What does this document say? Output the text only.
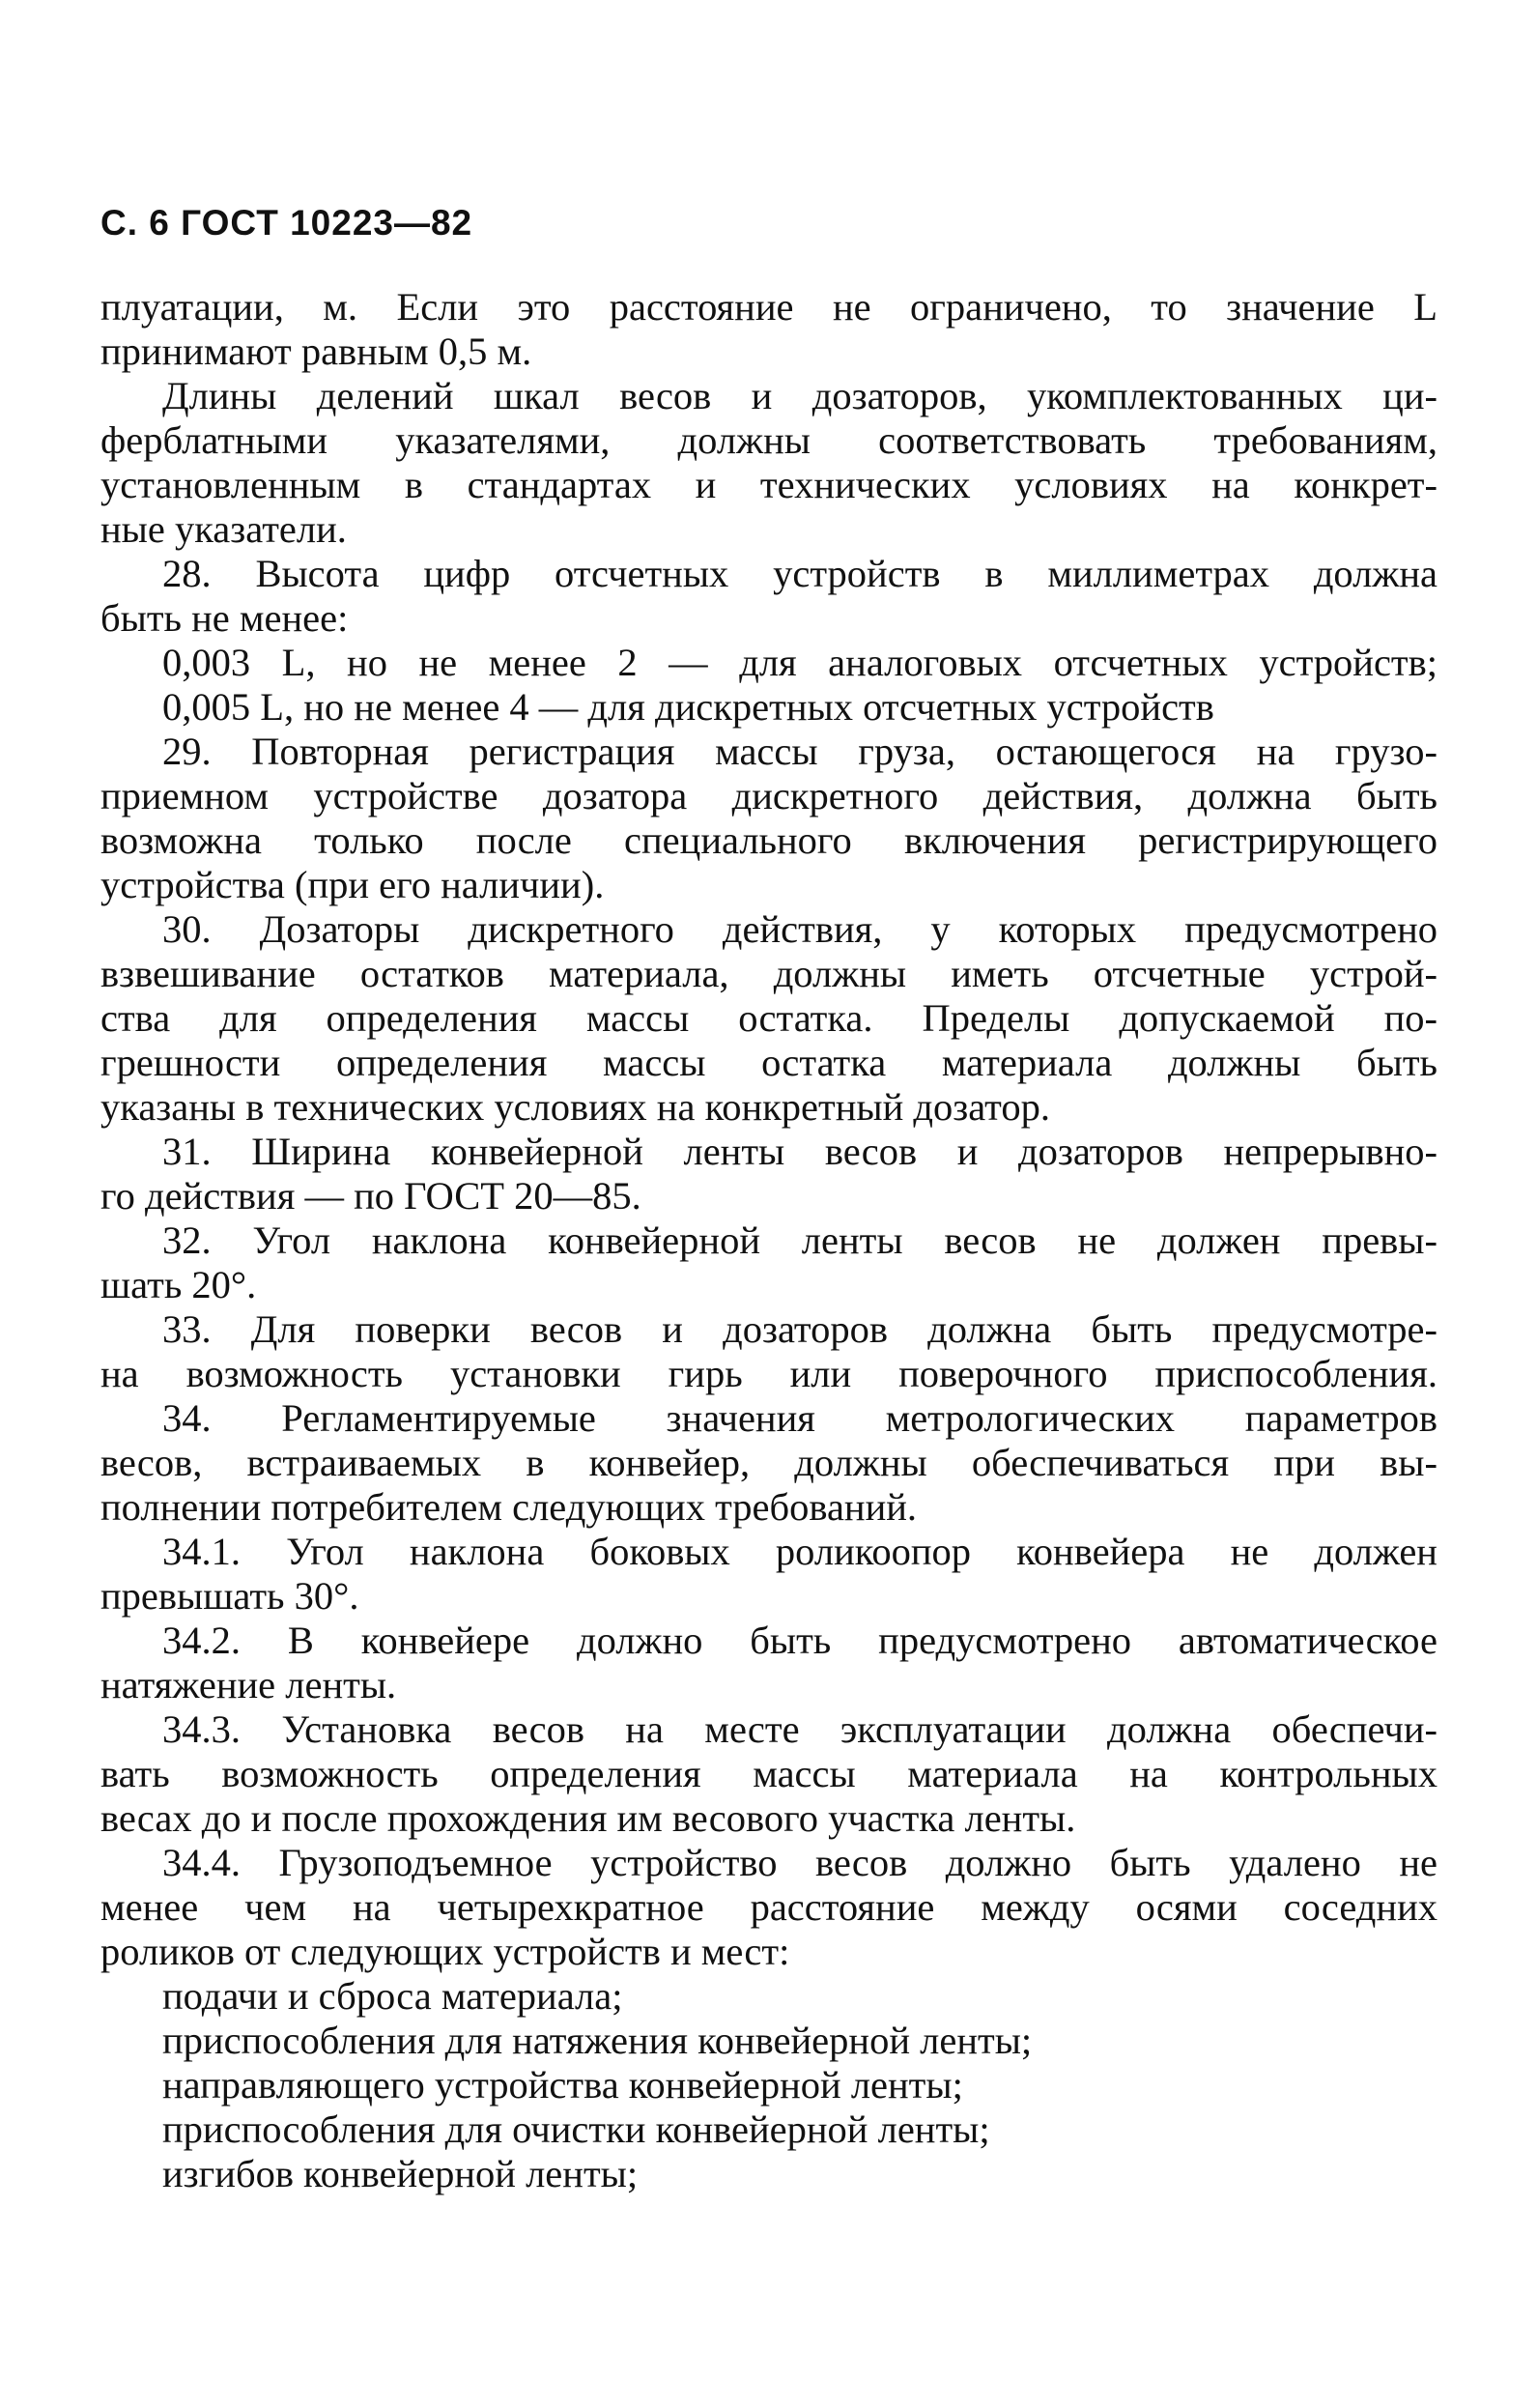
С. 6 ГОСТ 10223—82
плуатации, м. Если это расстояние не ограничено, то значение L
принимают равным 0,5 м.
Длины делений шкал весов и дозаторов, укомплектованных ци-
ферблатными указателями, должны соответствовать требованиям,
установленным в стандартах и технических условиях на конкрет-
ные указатели.
28. Высота цифр отсчетных устройств в миллиметрах должна
быть не менее:
0,003 L, но не менее 2 — для аналоговых отсчетных устройств;
0,005 L, но не менее 4 — для дискретных отсчетных устройств
29. Повторная регистрация массы груза, остающегося на грузо-
приемном устройстве дозатора дискретного действия, должна быть
возможна только после специального включения регистрирующего
устройства (при его наличии).
30. Дозаторы дискретного действия, у которых предусмотрено
взвешивание остатков материала, должны иметь отсчетные устрой-
ства для определения массы остатка. Пределы допускаемой по-
грешности определения массы остатка материала должны быть
указаны в технических условиях на конкретный дозатор.
31. Ширина конвейерной ленты весов и дозаторов непрерывно-
го действия — по ГОСТ 20—85.
32. Угол наклона конвейерной ленты весов не должен превы-
шать 20°.
33. Для поверки весов и дозаторов должна быть предусмотре-
на возможность установки гирь или поверочного приспособления.
34. Регламентируемые значения метрологических параметров
весов, встраиваемых в конвейер, должны обеспечиваться при вы-
полнении потребителем следующих требований.
34.1. Угол наклона боковых роликоопор конвейера не должен
превышать 30°.
34.2. В конвейере должно быть предусмотрено автоматическое
натяжение ленты.
34.3. Установка весов на месте эксплуатации должна обеспечи-
вать возможность определения массы материала на контрольных
весах до и после прохождения им весового участка ленты.
34.4. Грузоподъемное устройство весов должно быть удалено не
менее чем на четырехкратное расстояние между осями соседних
роликов от следующих устройств и мест:
подачи и сброса материала;
приспособления для натяжения конвейерной ленты;
направляющего устройства конвейерной ленты;
приспособления для очистки конвейерной ленты;
изгибов конвейерной ленты;
